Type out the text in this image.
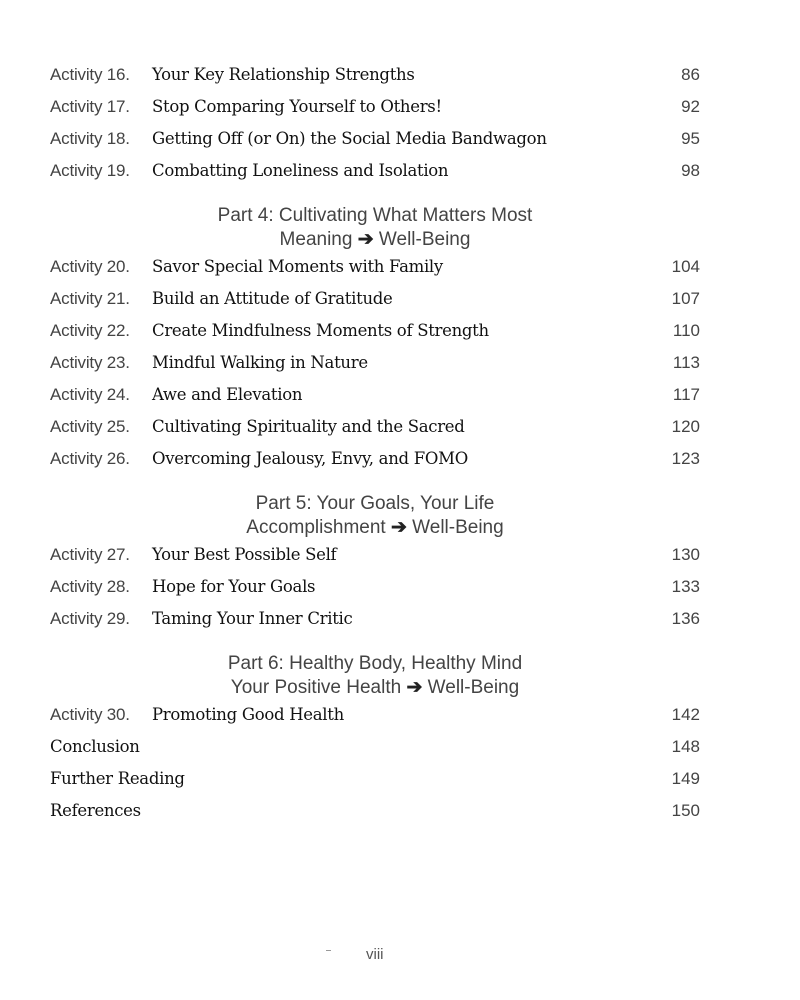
Activity 16. Your Key Relationship Strengths	86
Activity 17. Stop Comparing Yourself to Others!	92
Activity 18. Getting Off (or On) the Social Media Bandwagon	95
Activity 19. Combatting Loneliness and Isolation	98
Part 4: Cultivating What Matters Most
Meaning ➔ Well-Being
Activity 20. Savor Special Moments with Family	104
Activity 21. Build an Attitude of Gratitude	107
Activity 22. Create Mindfulness Moments of Strength	110
Activity 23. Mindful Walking in Nature	113
Activity 24. Awe and Elevation	117
Activity 25. Cultivating Spirituality and the Sacred	120
Activity 26. Overcoming Jealousy, Envy, and FOMO	123
Part 5: Your Goals, Your Life
Accomplishment ➔ Well-Being
Activity 27. Your Best Possible Self	130
Activity 28. Hope for Your Goals	133
Activity 29. Taming Your Inner Critic	136
Part 6: Healthy Body, Healthy Mind
Your Positive Health ➔ Well-Being
Activity 30. Promoting Good Health	142
Conclusion	148
Further Reading	149
References	150
viii
